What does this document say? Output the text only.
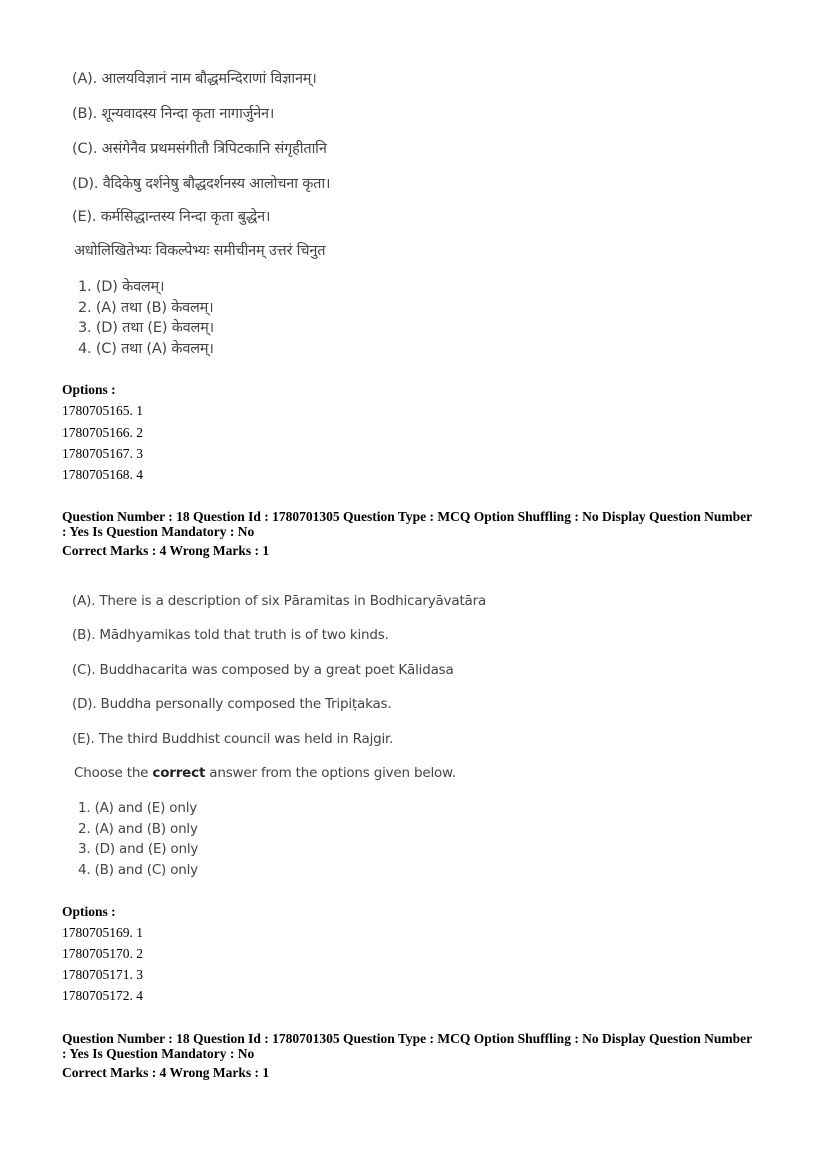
(A). आलयविज्ञानं नाम बौद्धमन्दिराणां विज्ञानम्।
(B). शून्यवादस्य निन्दा कृता नागार्जुनेन।
(C). असंगेनैव प्रथमसंगीतौ त्रिपिटकानि संगृहीतानि
(D). वैदिकेषु दर्शनेषु बौद्धदर्शनस्य आलोचना कृता।
(E). कर्मसिद्धान्तस्य निन्दा कृता बुद्धेन।
अधोलिखितेभ्यः विकल्पेभ्यः समीचीनम् उत्तरं चिनुत
1. (D) केवलम्।
2. (A) तथा (B) केवलम्।
3. (D) तथा (E) केवलम्।
4. (C) तथा (A) केवलम्।
Options :
1780705165. 1
1780705166. 2
1780705167. 3
1780705168. 4
Question Number : 18 Question Id : 1780701305 Question Type : MCQ Option Shuffling : No Display Question Number
: Yes Is Question Mandatory : No
Correct Marks : 4 Wrong Marks : 1
(A). There is a description of six Pāramitas in Bodhicaryāvatāra
(B). Mādhyamikas told that truth is of two kinds.
(C). Buddhacarita was composed by a great poet Kālidasa
(D). Buddha personally composed the Tripiṭakas.
(E). The third Buddhist council was held in Rajgir.
Choose the correct answer from the options given below.
1. (A) and (E) only
2. (A) and (B) only
3. (D) and (E) only
4. (B) and (C) only
Options :
1780705169. 1
1780705170. 2
1780705171. 3
1780705172. 4
Question Number : 18 Question Id : 1780701305 Question Type : MCQ Option Shuffling : No Display Question Number
: Yes Is Question Mandatory : No
Correct Marks : 4 Wrong Marks : 1
